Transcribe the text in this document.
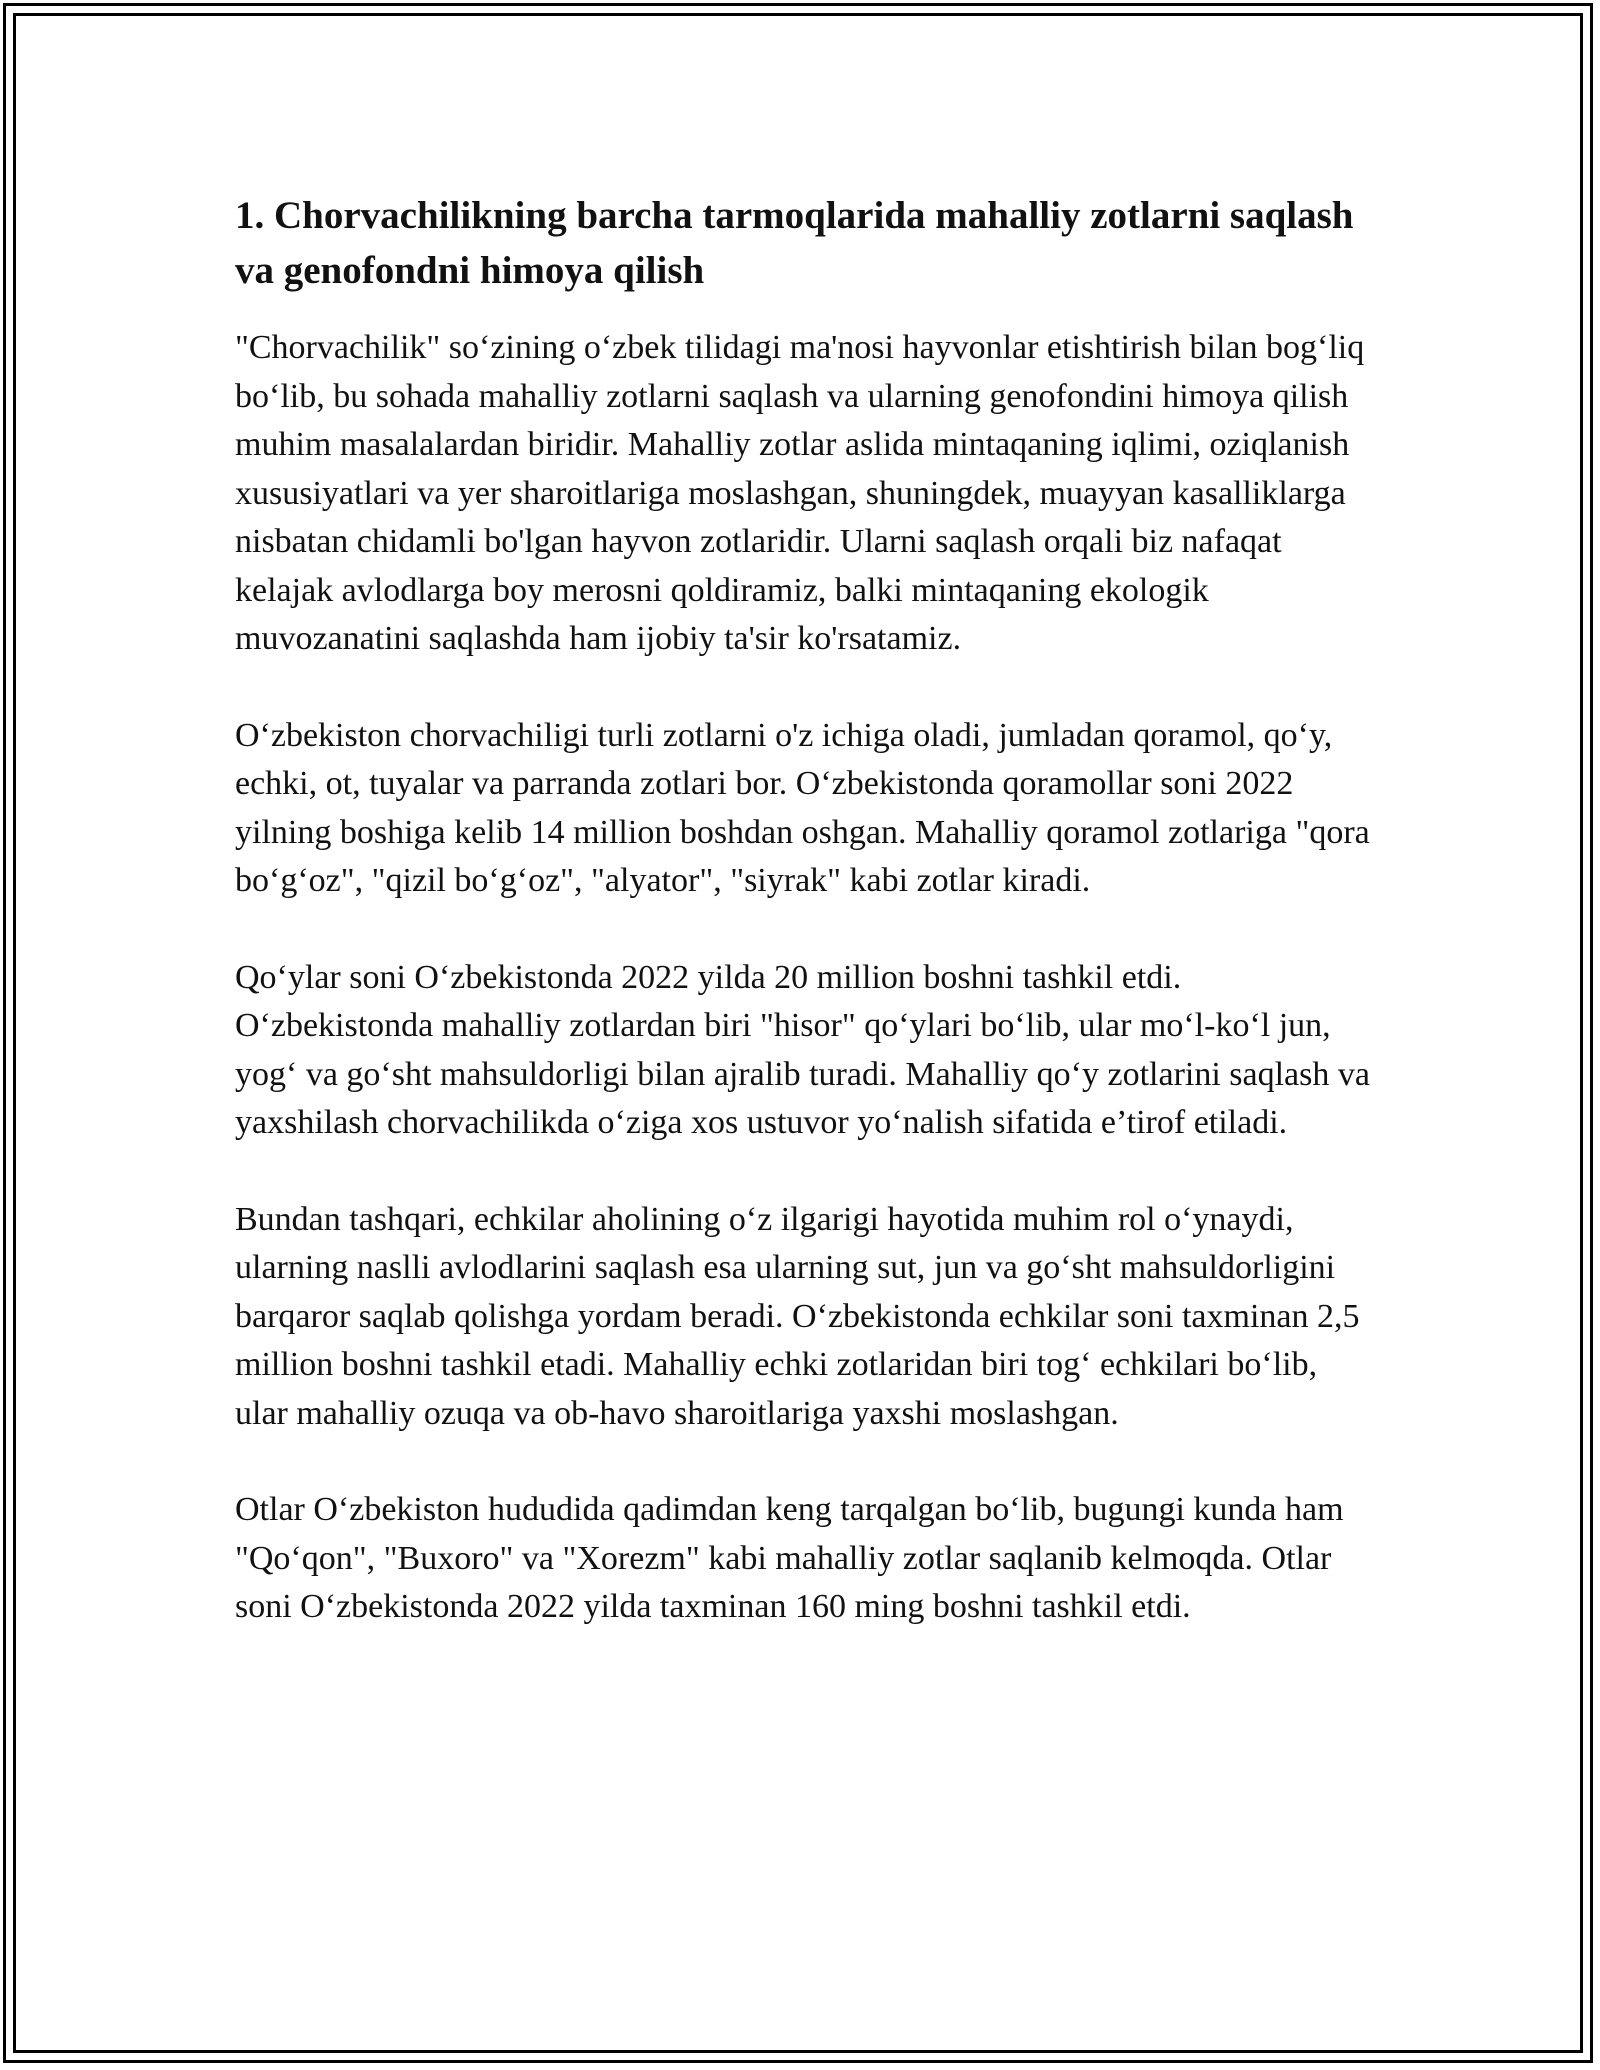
1. Chorvachilikning barcha tarmoqlarida mahalliy zotlarni saqlash va genofondni himoya qilish

"Chorvachilik" so‘zining o‘zbek tilidagi ma'nosi hayvonlar etishtirish bilan bog‘liq bo‘lib, bu sohada mahalliy zotlarni saqlash va ularning genofondini himoya qilish muhim masalalardan biridir. Mahalliy zotlar aslida mintaqaning iqlimi, oziqlanish xususiyatlari va yer sharoitlariga moslashgan, shuningdek, muayyan kasalliklarga nisbatan chidamli bo'lgan hayvon zotlaridir. Ularni saqlash orqali biz nafaqat kelajak avlodlarga boy merosni qoldiramiz, balki mintaqaning ekologik muvozanatini saqlashda ham ijobiy ta'sir ko'rsatamiz.

O‘zbekiston chorvachiligi turli zotlarni o'z ichiga oladi, jumladan qoramol, qo‘y, echki, ot, tuyalar va parranda zotlari bor. O‘zbekistonda qoramollar soni 2022 yilning boshiga kelib 14 million boshdan oshgan. Mahalliy qoramol zotlariga "qora bo‘g‘oz", "qizil bo‘g‘oz", "alyator", "siyrak" kabi zotlar kiradi.

Qo‘ylar soni O‘zbekistonda 2022 yilda 20 million boshni tashkil etdi. O‘zbekistonda mahalliy zotlardan biri "hisor" qo‘ylari bo‘lib, ular mo‘l-ko‘l jun, yog‘ va go‘sht mahsuldorligi bilan ajralib turadi. Mahalliy qo‘y zotlarini saqlash va yaxshilash chorvachilikda o‘ziga xos ustuvor yo‘nalish sifatida e’tirof etiladi.

Bundan tashqari, echkilar aholining o‘z ilgarigi hayotida muhim rol o‘ynaydi, ularning naslli avlodlarini saqlash esa ularning sut, jun va go‘sht mahsuldorligini barqaror saqlab qolishga yordam beradi. O‘zbekistonda echkilar soni taxminan 2,5 million boshni tashkil etadi. Mahalliy echki zotlaridan biri tog‘ echkilari bo‘lib, ular mahalliy ozuqa va ob-havo sharoitlariga yaxshi moslashgan.

Otlar O‘zbekiston hududida qadimdan keng tarqalgan bo‘lib, bugungi kunda ham "Qo‘qon", "Buxoro" va "Xorezm" kabi mahalliy zotlar saqlanib kelmoqda. Otlar soni O‘zbekistonda 2022 yilda taxminan 160 ming boshni tashkil etdi.
